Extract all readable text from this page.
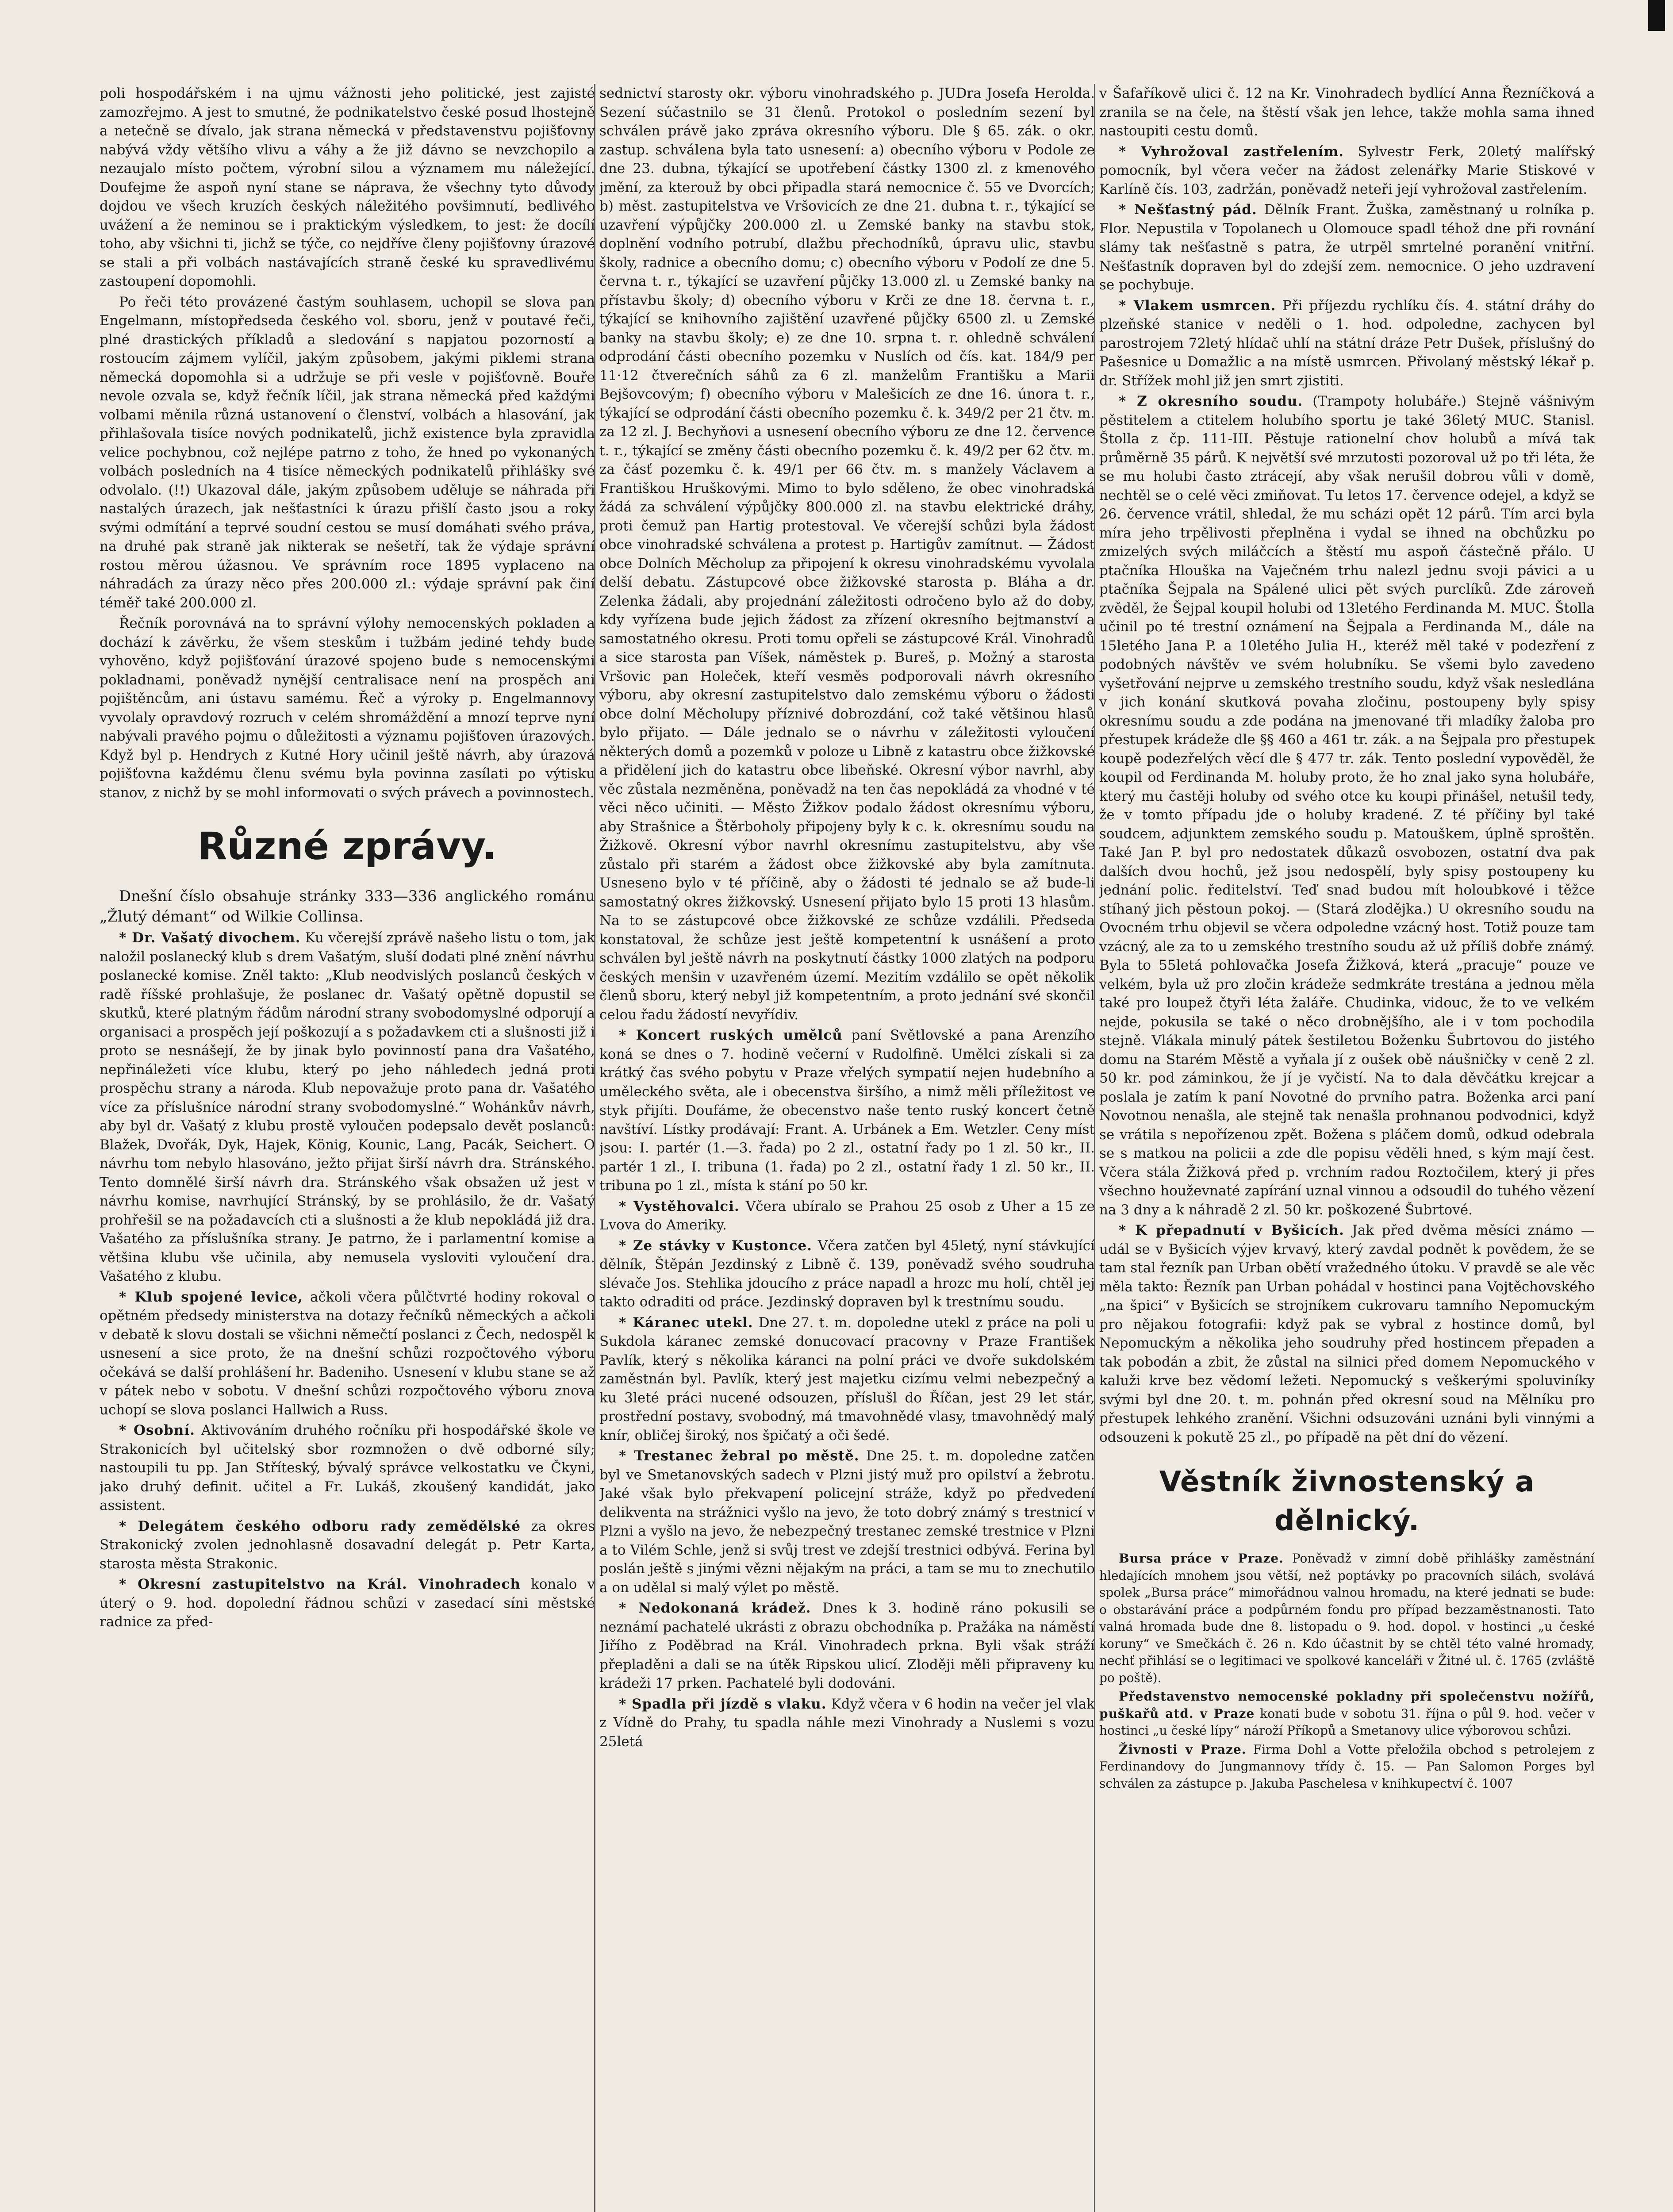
poli hospodářském i na ujmu vážnosti jeho politické, jest zajisté zamozřejmo. A jest to smutné, že podnikatelstvo české posud lhostejně a netečně se dívalo, jak strana německá v představenstvu pojišťovny nabývá vždy většího vlivu a váhy a že již dávno se nevzchopilo a nezaujalo místo počtem, výrobní silou a významem mu náležející. Doufejme že aspoň nyní stane se náprava, že všechny tyto důvody dojdou ve všech kruzích českých náležitého povšimnutí, bedlivého uvážení a že neminou se i praktickým výsledkem, to jest: že docílí toho, aby všichni ti, jichž se týče, co nejdříve členy pojišťovny úrazové se stali a při volbách nastávajících straně české ku spravedlivému zastoupení dopomohli.

Po řeči této provázené častým souhlasem, uchopil se slova pan Engelmann, místopředseda českého vol. sboru, jenž v poutavé řeči, plné drastických příkladů a sledování s napjatou pozorností a rostoucím zájmem vylíčil, jakým způsobem, jakými piklemi strana německá dopomohla si a udržuje se při vesle v pojišťovně. Bouře nevole ozvala se, když řečník líčil, jak strana německá před každými volbami měnila různá ustanovení o členství, volbách a hlasování, jak přihlašovala tisíce nových podnikatelů, jichž existence byla zpravidla velice pochybnou, což nejlépe patrno z toho, že hned po vykonaných volbách posledních na 4 tisíce německých podnikatelů přihlášky své odvolalo. (!!) Ukazoval dále, jakým způsobem uděluje se náhrada při nastalých úrazech, jak nešťastníci k úrazu přišlí často jsou a roky svými odmítání a teprvé soudní cestou se musí domáhati svého práva, na druhé pak straně jak nikterak se nešetří, tak že výdaje správní rostou měrou úžasnou. Ve správním roce 1895 vyplaceno na náhradách za úrazy něco přes 200.000 zl.: výdaje správní pak činí téměř také 200.000 zl.

Řečník porovnává na to správní výlohy nemocenských pokladen a dochází k závěrku, že všem steskům i tužbám jediné tehdy bude vyhověno, když pojišťování úrazové spojeno bude s nemocenskými pokladnami, poněvadž nynější centralisace není na prospěch ani pojištěncům, ani ústavu samému. Řeč a výroky p. Engelmannovy vyvolaly opravdový rozruch v celém shromáždění a mnozí teprve nyní nabývali pravého pojmu o důležitosti a významu pojišťoven úrazových. Když byl p. Hendrych z Kutné Hory učinil ještě návrh, aby úrazová pojišťovna každému členu svému byla povinna zasílati po výtisku stanov, z nichž by se mohl informovati o svých právech a povinnostech.

Různé zprávy.

Dnešní číslo obsahuje stránky 333—336 anglického románu „Žlutý démant“ od Wilkie Collinsa.

* Dr. Vašatý divochem. Ku včerejší zprávě našeho listu o tom, jak naložil poslanecký klub s drem Vašatým, sluší dodati plné znění návrhu poslanecké komise. Zněl takto: „Klub neodvislých poslanců českých v radě říšské prohlašuje, že poslanec dr. Vašatý opětně dopustil se skutků, které platným řádům národní strany svobodomyslné odporují a organisaci a prospěch její poškozují a s požadavkem cti a slušnosti již i proto se nesnášejí, že by jinak bylo povinností pana dra Vašatého, nepřináležeti více klubu, který po jeho náhledech jedná proti prospěchu strany a národa. Klub nepovažuje proto pana dr. Vašatého více za příslušníce národní strany svobodomyslné.“ Wohánkův návrh, aby byl dr. Vašatý z klubu prostě vyloučen podepsalo devět poslanců: Blažek, Dvořák, Dyk, Hajek, König, Kounic, Lang, Pacák, Seichert. O návrhu tom nebylo hlasováno, ježto přijat širší návrh dra. Stránského. Tento domnělé širší návrh dra. Stránského však obsažen už jest v návrhu komise, navrhující Stránský, by se prohlásilo, že dr. Vašatý prohřešil se na požadavcích cti a slušnosti a že klub nepokládá již dra. Vašatého za příslušníka strany. Je patrno, že i parlamentní komise a většina klubu vše učinila, aby nemusela vysloviti vyloučení dra. Vašatého z klubu.

* Klub spojené levice, ačkoli včera půlčtvrté hodiny rokoval o opětném předsedy ministerstva na dotazy řečníků německých a ačkoli v debatě k slovu dostali se všichni němečtí poslanci z Čech, nedospěl k usnesení a sice proto, že na dnešní schůzi rozpočtového výboru očekává se další prohlášení hr. Badeniho. Usnesení v klubu stane se až v pátek nebo v sobotu. V dnešní schůzi rozpočtového výboru znova uchopí se slova poslanci Hallwich a Russ.

* Osobní. Aktivováním druhého ročníku při hospodářské škole ve Strakonicích byl učitelský sbor rozmnožen o dvě odborné síly; nastoupili tu pp. Jan Stříteský, bývalý správce velkostatku ve Čkyni, jako druhý definit. učitel a Fr. Lukáš, zkoušený kandidát, jako assistent.

* Delegátem českého odboru rady zemědělské za okres Strakonický zvolen jednohlasně dosavadní delegát p. Petr Karta, starosta města Strakonic.

* Okresní zastupitelstvo na Král. Vinohradech konalo v úterý o 9. hod. dopolední řádnou schůzi v zasedací síni městské radnice za před-

sednictví starosty okr. výboru vinohradského p. JUDra Josefa Herolda. Sezení súčastnilo se 31 členů. Protokol o posledním sezení byl schválen právě jako zpráva okresního výboru. Dle § 65. zák. o okr. zastup. schválena byla tato usnesení: a) obecního výboru v Podole ze dne 23. dubna, týkající se upotřebení částky 1300 zl. z kmenového jmění, za kterouž by obci připadla stará nemocnice č. 55 ve Dvorcích; b) měst. zastupitelstva ve Vršovicích ze dne 21. dubna t. r., týkající se uzavření výpůjčky 200.000 zl. u Zemské banky na stavbu stok, doplnění vodního potrubí, dlažbu přechodníků, úpravu ulic, stavbu školy, radnice a obecního domu; c) obecního výboru v Podolí ze dne 5. června t. r., týkající se uzavření půjčky 13.000 zl. u Zemské banky na přístavbu školy; d) obecního výboru v Krči ze dne 18. června t. r., týkající se knihovního zajištění uzavřené půjčky 6500 zl. u Zemské banky na stavbu školy; e) ze dne 10. srpna t. r. ohledně schválení odprodání části obecního pozemku v Nuslích od čís. kat. 184/9 per 11·12 čtverečních sáhů za 6 zl. manželům Františku a Marii Bejšovcovým; f) obecního výboru v Malešicích ze dne 16. února t. r., týkající se odprodání části obecního pozemku č. k. 349/2 per 21 čtv. m. za 12 zl. J. Bechyňovi a usnesení obecního výboru ze dne 12. července t. r., týkající se změny části obecního pozemku č. k. 49/2 per 62 čtv. m. za čásť pozemku č. k. 49/1 per 66 čtv. m. s manžely Václavem a Františkou Hruškovými. Mimo to bylo sděleno, že obec vinohradská žádá za schválení výpůjčky 800.000 zl. na stavbu elektrické dráhy, proti čemuž pan Hartig protestoval. Ve včerejší schůzi byla žádost obce vinohradské schválena a protest p. Hartigův zamítnut. — Žádost obce Dolních Měcholup za připojení k okresu vinohradskému vyvolala delší debatu. Zástupcové obce žižkovské starosta p. Bláha a dr. Zelenka žádali, aby projednání záležitosti odročeno bylo až do doby, kdy vyřízena bude jejich žádost za zřízení okresního bejtmanství a samostatného okresu. Proti tomu opřeli se zástupcové Král. Vinohradů a sice starosta pan Víšek, náměstek p. Bureš, p. Možný a starosta Vršovic pan Holeček, kteří vesměs podporovali návrh okresního výboru, aby okresní zastupitelstvo dalo zemskému výboru o žádosti obce dolní Měcholupy příznivé dobrozdání, což také většinou hlasů bylo přijato. — Dále jednalo se o návrhu v záležitosti vyloučení některých domů a pozemků v poloze u Libně z katastru obce žižkovské a přidělení jich do katastru obce libeňské. Okresní výbor navrhl, aby věc zůstala nezměněna, poněvadž na ten čas nepokládá za vhodné v té věci něco učiniti. — Město Žižkov podalo žádost okresnímu výboru, aby Strašnice a Štěrboholy připojeny byly k c. k. okresnímu soudu na Žižkově. Okresní výbor navrhl okresnímu zastupitelstvu, aby vše zůstalo při starém a žádost obce žižkovské aby byla zamítnuta. Usneseno bylo v té příčině, aby o žádosti té jednalo se až bude-li samostatný okres žižkovský. Usnesení přijato bylo 15 proti 13 hlasům. Na to se zástupcové obce žižkovské ze schůze vzdálili. Předseda konstatoval, že schůze jest ještě kompetentní k usnášení a proto schválen byl ještě návrh na poskytnutí částky 1000 zlatých na podporu českých menšin v uzavřeném území. Mezitím vzdálilo se opět několik členů sboru, který nebyl již kompetentním, a proto jednání své skončil celou řadu žádostí nevyřídiv.

* Koncert ruských umělců paní Světlovské a pana Arenzího koná se dnes o 7. hodině večerní v Rudolfině. Umělci získali si za krátký čas svého pobytu v Praze vřelých sympatií nejen hudebního a uměleckého světa, ale i obecenstva širšího, a nimž měli příležitost ve styk přijíti. Doufáme, že obecenstvo naše tento ruský koncert četně navštíví. Lístky prodávají: Frant. A. Urbánek a Em. Wetzler. Ceny míst jsou: I. partér (1.—3. řada) po 2 zl., ostatní řady po 1 zl. 50 kr., II. partér 1 zl., I. tribuna (1. řada) po 2 zl., ostatní řady 1 zl. 50 kr., II. tribuna po 1 zl., místa k stání po 50 kr.

* Vystěhovalci. Včera ubíralo se Prahou 25 osob z Uher a 15 ze Lvova do Ameriky.

* Ze stávky v Kustonce. Včera zatčen byl 45letý, nyní stávkující dělník, Štěpán Jezdinský z Libně č. 139, poněvadž svého soudruha slévače Jos. Stehlika jdoucího z práce napadl a hrozc mu holí, chtěl jej takto odraditi od práce. Jezdinský dopraven byl k trestnímu soudu.

* Káranec utekl. Dne 27. t. m. dopoledne utekl z práce na poli u Sukdola káranec zemské donucovací pracovny v Praze František Pavlík, který s několika káranci na polní práci ve dvoře sukdolském zaměstnán byl. Pavlík, který jest majetku cizímu velmi nebezpečný a ku 3leté práci nucené odsouzen, příslušl do Říčan, jest 29 let stár, prostřední postavy, svobodný, má tmavohnědé vlasy, tmavohnědý malý knír, obličej široký, nos špičatý a oči šedé.

* Trestanec žebral po městě. Dne 25. t. m. dopoledne zatčen byl ve Smetanovských sadech v Plzni jistý muž pro opilství a žebrotu. Jaké však bylo překvapení policejní stráže, když po předvedení delikventa na strážnici vyšlo na jevo, že toto dobrý známý s trestnicí v Plzni a vyšlo na jevo, že nebezpečný trestanec zemské trestnice v Plzni a to Vilém Schle, jenž si svůj trest ve zdejší trestnici odbývá. Ferina byl poslán ještě s jinými vězni nějakým na práci, a tam se mu to znechutilo a on udělal si malý výlet po městě.

* Nedokonaná krádež. Dnes k 3. hodině ráno pokusili se neznámí pachatelé ukrásti z obrazu obchodníka p. Pražáka na náměstí Jiřího z Poděbrad na Král. Vinohradech prkna. Byli však stráží přepladěni a dali se na útěk Ripskou ulicí. Zloději měli připraveny ku krádeži 17 prken. Pachatelé byli dodováni.

* Spadla při jízdě s vlaku. Když včera v 6 hodin na večer jel vlak z Vídně do Prahy, tu spadla náhle mezi Vinohrady a Nuslemi s vozu 25letá

v Šafaříkově ulici č. 12 na Kr. Vinohradech bydlící Anna Řezníčková a zranila se na čele, na štěstí však jen lehce, takže mohla sama ihned nastoupiti cestu domů.

* Vyhrožoval zastřelením. Sylvestr Ferk, 20letý malířský pomocník, byl včera večer na žádost zelenářky Marie Stiskové v Karlíně čís. 103, zadržán, poněvadž neteři její vyhrožoval zastřelením.

* Nešťastný pád. Dělník Frant. Žuška, zaměstnaný u rolníka p. Flor. Nepustila v Topolanech u Olomouce spadl téhož dne při rovnání slámy tak nešťastně s patra, že utrpěl smrtelné poranění vnitřní. Nešťastník dopraven byl do zdejší zem. nemocnice. O jeho uzdravení se pochybuje.

* Vlakem usmrcen. Při příjezdu rychlíku čís. 4. státní dráhy do plzeňské stanice v neděli o 1. hod. odpoledne, zachycen byl parostrojem 72letý hlídač uhlí na státní dráze Petr Dušek, příslušný do Pašesnice u Domažlic a na místě usmrcen. Přivolaný městský lékař p. dr. Střížek mohl již jen smrt zjistiti.

* Z okresního soudu. (Trampoty holubáře.) Stejně vášnivým pěstitelem a ctitelem holubího sportu je také 36letý MUC. Stanisl. Štolla z čp. 111-III. Pěstuje rationelní chov holubů a mívá tak průměrně 35 párů. K největší své mrzutosti pozoroval už po tři léta, že se mu holubi často ztrácejí, aby však nerušil dobrou vůli v domě, nechtěl se o celé věci zmiňovat. Tu letos 17. července odejel, a když se 26. července vrátil, shledal, že mu scházi opět 12 párů. Tím arci byla míra jeho trpělivosti přeplněna i vydal se ihned na obchůzku po zmizelých svých miláčcích a štěstí mu aspoň částečně přálo. U ptačníka Hlouška na Vaječném trhu nalezl jednu svoji pávici a u ptačníka Šejpala na Spálené ulici pět svých purclíků. Zde zároveň zvěděl, že Šejpal koupil holubi od 13letého Ferdinanda M. MUC. Štolla učinil po té trestní oznámení na Šejpala a Ferdinanda M., dále na 15letého Jana P. a 10letého Julia H., kteréž měl také v podezření z podobných návštěv ve svém holubníku. Se všemi bylo zavedeno vyšetřování nejprve u zemského trestního soudu, když však nesledlána v jich konání skutková povaha zločinu, postoupeny byly spisy okresnímu soudu a zde podána na jmenované tři mladíky žaloba pro přestupek krádeže dle §§ 460 a 461 tr. zák. a na Šejpala pro přestupek koupě podezřelých věcí dle § 477 tr. zák. Tento poslední vypověděl, že koupil od Ferdinanda M. holuby proto, že ho znal jako syna holubáře, který mu častěji holuby od svého otce ku koupi přinášel, netušil tedy, že v tomto případu jde o holuby kradené. Z té příčiny byl také soudcem, adjunktem zemského soudu p. Matouškem, úplně sproštěn. Také Jan P. byl pro nedostatek důkazů osvobozen, ostatní dva pak dalších dvou hochů, jež jsou nedospělí, byly spisy postoupeny ku jednání polic. ředitelství. Teď snad budou mít holoubkové i těžce stíhaný jich pěstoun pokoj. — (Stará zlodějka.) U okresního soudu na Ovocném trhu objevil se včera odpoledne vzácný host. Totiž pouze tam vzácný, ale za to u zemského trestního soudu až už příliš dobře známý. Byla to 55letá pohlovačka Josefa Žižková, která „pracuje“ pouze ve velkém, byla už pro zločin krádeže sedmkráte trestána a jednou měla také pro loupež čtyři léta žaláře. Chudinka, vidouc, že to ve velkém nejde, pokusila se také o něco drobnějšího, ale i v tom pochodila stejně. Vlákala minulý pátek šestiletou Boženku Šubrtovou do jistého domu na Starém Městě a vyňala jí z oušek obě náušničky v ceně 2 zl. 50 kr. pod záminkou, že jí je vyčistí. Na to dala děvčátku krejcar a poslala je zatím k paní Novotné do prvního patra. Boženka arci paní Novotnou nenašla, ale stejně tak nenašla prohnanou podvodnici, když se vrátila s nepořízenou zpět. Božena s pláčem domů, odkud odebrala se s matkou na policii a zde dle popisu věděli hned, s kým mají čest. Včera stála Žižková před p. vrchním radou Roztočilem, který ji přes všechno houževnaté zapírání uznal vinnou a odsoudil do tuhého vězení na 3 dny a k náhradě 2 zl. 50 kr. poškozené Šubrtové.

* K přepadnutí v Byšicích. Jak před dvěma měsíci známo — udál se v Byšicích výjev krvavý, který zavdal podnět k povědem, že se tam stal řezník pan Urban obětí vražedného útoku. V pravdě se ale věc měla takto: Řezník pan Urban pohádal v hostinci pana Vojtěchovského „na špici“ v Byšicích se strojníkem cukrovaru tamního Nepomuckým pro nějakou fotografii: když pak se vybral z hostince domů, byl Nepomuckým a několika jeho soudruhy před hostincem přepaden a tak pobodán a zbit, že zůstal na silnici před domem Nepomuckého v kaluži krve bez vědomí ležeti. Nepomucký s veškerými spoluviníky svými byl dne 20. t. m. pohnán před okresní soud na Mělníku pro přestupek lehkého zranění. Všichni odsuzováni uznáni byli vinnými a odsouzeni k pokutě 25 zl., po případě na pět dní do vězení.

Věstník živnostenský a dělnický.

Bursa práce v Praze. Poněvadž v zimní době přihlášky zaměstnání hledajících mnohem jsou větší, než poptávky po pracovních silách, svolává spolek „Bursa práce“ mimořádnou valnou hromadu, na které jednati se bude: o obstarávání práce a podpůrném fondu pro případ bezzaměstnanosti. Tato valná hromada bude dne 8. listopadu o 9. hod. dopol. v hostinci „u české koruny“ ve Smečkách č. 26 n. Kdo účastnit by se chtěl této valné hromady, nechť přihlásí se o legitimaci ve spolkové kanceláři v Žitné ul. č. 1765 (zvláště po poště).

Představenstvo nemocenské pokladny při společenstvu nožířů, puškařů atd. v Praze konati bude v sobotu 31. října o půl 9. hod. večer v hostinci „u české lípy“ nároží Příkopů a Smetanovy ulice výborovou schůzi.

Živnosti v Praze. Firma Dohl a Votte přeložila obchod s petrolejem z Ferdinandovy do Jungmannovy třídy č. 15. — Pan Salomon Porges byl schválen za zástupce p. Jakuba Paschelesa v knihkupectví č. 1007
